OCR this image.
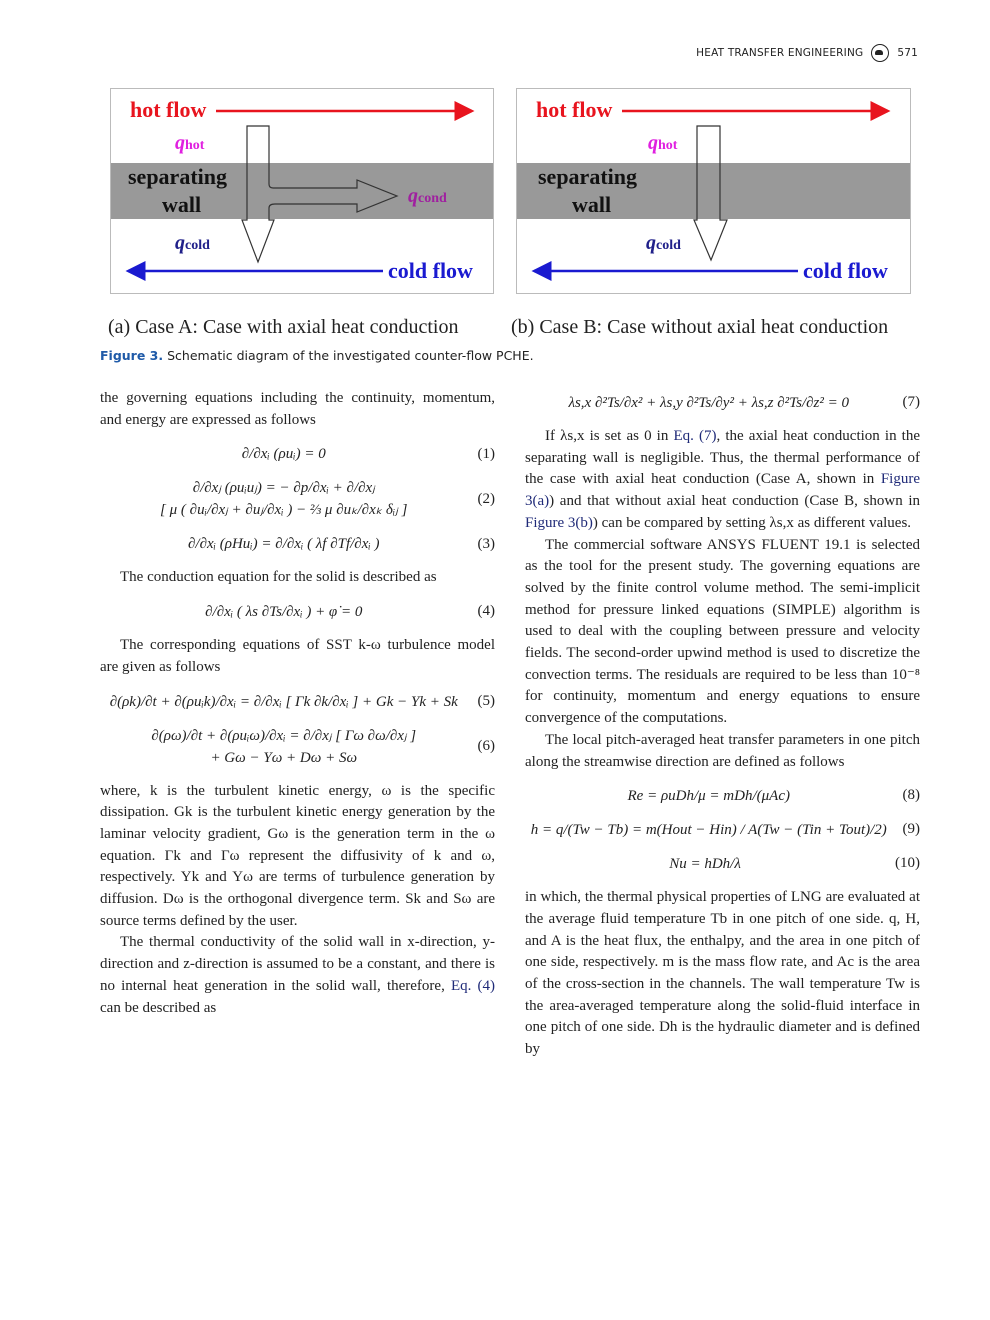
HEAT TRANSFER ENGINEERING	571
hot flow
qhot
separating
wall	qcond
qcold
cold flow
hot flow
qhot
separating
wall
qcold
cold flow
(a) Case A: Case with axial heat conduction	(b) Case B: Case without axial heat conduction
Figure 3. Schematic diagram of the investigated counter-flow PCHE.

the governing equations including the continuity, momentum, and energy are expressed as follows

∂/∂xᵢ (ρuᵢ) = 0	(1)
∂/∂xⱼ (ρuᵢuⱼ) = − ∂p/∂xᵢ + ∂/∂xⱼ
[ μ ( ∂uᵢ/∂xⱼ + ∂uⱼ/∂xᵢ ) − ⅔ μ ∂uₖ/∂xₖ δᵢⱼ ]
(2)
∂/∂xᵢ (ρHuᵢ) = ∂/∂xᵢ ( λf ∂Tf/∂xᵢ )	(3)

The conduction equation for the solid is described as

∂/∂xᵢ ( λs ∂Ts/∂xᵢ ) + φ̇ = 0	(4)

The corresponding equations of SST k-ω turbulence model are given as follows

∂(ρk)/∂t + ∂(ρuᵢk)/∂xᵢ = ∂/∂xᵢ [ Γk ∂k/∂xᵢ ] + Gk − Yk + Sk	(5)
∂(ρω)/∂t + ∂(ρuᵢω)/∂xᵢ = ∂/∂xⱼ [ Γω ∂ω/∂xⱼ ]
+ Gω − Yω + Dω + Sω
(6)

where, k is the turbulent kinetic energy, ω is the specific dissipation. Gk is the turbulent kinetic energy generation by the laminar velocity gradient, Gω is the generation term in the ω equation. Γk and Γω represent the diffusivity of k and ω, respectively. Yk and Yω are terms of turbulence generation by diffusion. Dω is the orthogonal divergence term. Sk and Sω are source terms defined by the user.

The thermal conductivity of the solid wall in x-direction, y-direction and z-direction is assumed to be a constant, and there is no internal heat generation in the solid wall, therefore, Eq. (4) can be described as

λs,x ∂²Ts/∂x² + λs,y ∂²Ts/∂y² + λs,z ∂²Ts/∂z² = 0	(7)

If λs,x is set as 0 in Eq. (7), the axial heat conduction in the separating wall is negligible. Thus, the thermal performance of the case with axial heat conduction (Case A, shown in Figure 3(a)) and that without axial heat conduction (Case B, shown in Figure 3(b)) can be compared by setting λs,x as different values.

The commercial software ANSYS FLUENT 19.1 is selected as the tool for the present study. The governing equations are solved by the finite control volume method. The semi-implicit method for pressure linked equations (SIMPLE) algorithm is used to deal with the coupling between pressure and velocity fields. The second-order upwind method is used to discretize the convection terms. The residuals are required to be less than 10⁻⁸ for continuity, momentum and energy equations to ensure convergence of the computations.

The local pitch-averaged heat transfer parameters in one pitch along the streamwise direction are defined as follows

Re = ρuDh/μ = mDh/(μAc)	(8)
h = q/(Tw − Tb) = m(Hout − Hin) / A(Tw − (Tin + Tout)/2)	(9)
Nu = hDh/λ	(10)

in which, the thermal physical properties of LNG are evaluated at the average fluid temperature Tb in one pitch of one side. q, H, and A is the heat flux, the enthalpy, and the area in one pitch of one side, respectively. m is the mass flow rate, and Ac is the area of the cross-section in the channels. The wall temperature Tw is the area-averaged temperature along the solid-fluid interface in one pitch of one side. Dh is the hydraulic diameter and is defined by
